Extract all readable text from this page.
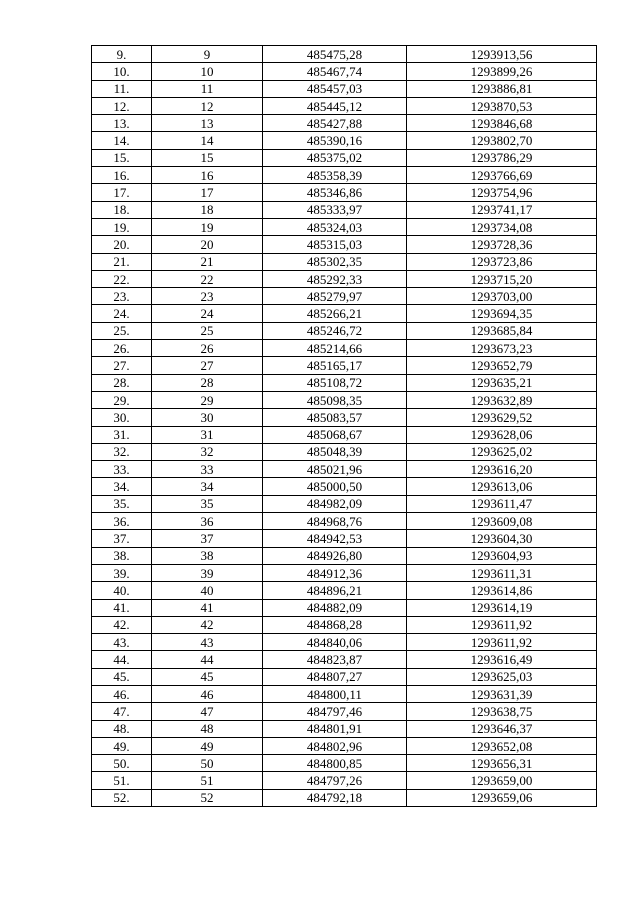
9.	9	485475,28	1293913,56
10.	10	485467,74	1293899,26
11.	11	485457,03	1293886,81
12.	12	485445,12	1293870,53
13.	13	485427,88	1293846,68
14.	14	485390,16	1293802,70
15.	15	485375,02	1293786,29
16.	16	485358,39	1293766,69
17.	17	485346,86	1293754,96
18.	18	485333,97	1293741,17
19.	19	485324,03	1293734,08
20.	20	485315,03	1293728,36
21.	21	485302,35	1293723,86
22.	22	485292,33	1293715,20
23.	23	485279,97	1293703,00
24.	24	485266,21	1293694,35
25.	25	485246,72	1293685,84
26.	26	485214,66	1293673,23
27.	27	485165,17	1293652,79
28.	28	485108,72	1293635,21
29.	29	485098,35	1293632,89
30.	30	485083,57	1293629,52
31.	31	485068,67	1293628,06
32.	32	485048,39	1293625,02
33.	33	485021,96	1293616,20
34.	34	485000,50	1293613,06
35.	35	484982,09	1293611,47
36.	36	484968,76	1293609,08
37.	37	484942,53	1293604,30
38.	38	484926,80	1293604,93
39.	39	484912,36	1293611,31
40.	40	484896,21	1293614,86
41.	41	484882,09	1293614,19
42.	42	484868,28	1293611,92
43.	43	484840,06	1293611,92
44.	44	484823,87	1293616,49
45.	45	484807,27	1293625,03
46.	46	484800,11	1293631,39
47.	47	484797,46	1293638,75
48.	48	484801,91	1293646,37
49.	49	484802,96	1293652,08
50.	50	484800,85	1293656,31
51.	51	484797,26	1293659,00
52.	52	484792,18	1293659,06
